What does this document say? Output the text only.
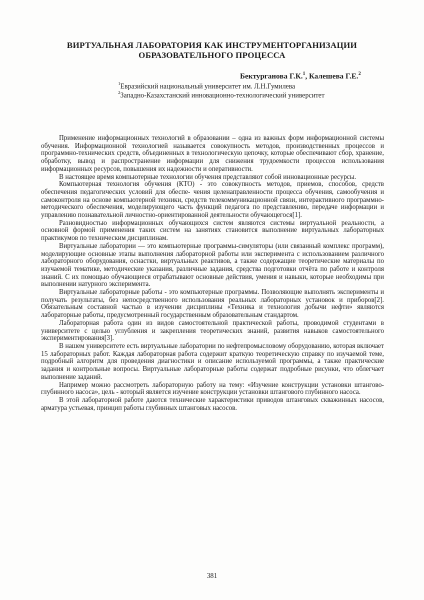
ВИРТУАЛЬНАЯ ЛАБОРАТОРИЯ КАК ИНСТРУМЕНТОРГАНИЗАЦИИ
ОБРАЗОВАТЕЛЬНОГО ПРОЦЕССА
Бектурганова Г.К.$^1$, Калешева Г.Е.$^2$
$^1$Евразийский национальный университет им. Л.Н.Гумилева
$^2$Западно-Казахстанский инновационно-технологический университет

Применение информационных технологий в образовании – одна из важных форм информационной системы обучения. Информационной технологией называется совокупность методов, производственных процессов и программно-технических средств, объединенных в технологическую цепочку, которые обеспечивают сбор, хранение, обработку, вывод и распространение информации для снижения трудоемкости процессов использования информационных ресурсов, повышения их надежности и оперативности.

В настоящее время компьютерные технологии обучения представляют собой инновационные ресурсы.

Компьютерная технология обучения (КТО) - это совокупность методов, приемов, способов, средств обеспечения педагогических условий для обеспе- чения целенаправленности процесса обучения, самообучения и самоконтроля на основе компьютерной техники, средств телекоммуникационной связи, интерактивного программно-методического обеспечения, моделирующего часть функций педагога по представлению, передаче информации и управлению познавательной личностно-ориентированной деятельности обучающегося[1].

Разновидностью информационных обучающихся систем являются системы виртуальной реальности, а основной формой применения таких систем на занятиях становится выполнение виртуальных лабораторных практикумов по техническим дисциплинам.

Виртуальные лаборатории — это компьютерные программы-симуляторы (или связанный комплекс программ), моделирующие основные этапы выполнения лабораторной работы или эксперимента с использованием различного лабораторного оборудования, оснастки, виртуальных реактивов, а также содержащие теоретические материалы по изучаемой тематике, методические указания, различные задания, средства подготовки отчёта по работе и контроля знаний. С их помощью обучающиеся отрабатывают основные действия, умения и навыки, которые необходимы при выполнении натурного эксперимента.

Виртуальные лабораторные работы - это компьютерные программы. Позволяющие выполнять эксперименты и получать результаты, без непосредственного использования реальных лабораторных установок и приборов[2]. Обязательным составной частью в изучении дисциплины «Техника и технология добычи нефти» являются лабораторные работы, предусмотренный государственным образовательным стандартом.

Лабораторная работа один из видов самостоятельной практической работы, проводимой студентами в университете с целью углубления и закрепления теоретических знаний, развития навыков самостоятельного экспериментирования[3].

В нашем университете есть виртуальные лаборатории по нефтепромысловому оборудованию, которая включает 15 лабораторных работ. Каждая лабораторная работа содержит краткую теоретическую справку по изучаемой теме, подробный алгоритм для проведения диагностики и описание используемой программы, а также практические задания и контрольные вопросы. Виртуальные лабораторные работы содержат подробные рисунки, что облегчает выполнение заданий.

Например можно рассмотреть лабораторную работу на тему: «Изучение конструкции установки штангово-глубинного насоса», цель - который является изучение конструкции установки штангового глубинного насоса.

В этой лабораторной работе даются технические характеристики приводов штанговых скважинных насосов, арматура устьевая, принцип работы глубинных штанговых насосов.

381
